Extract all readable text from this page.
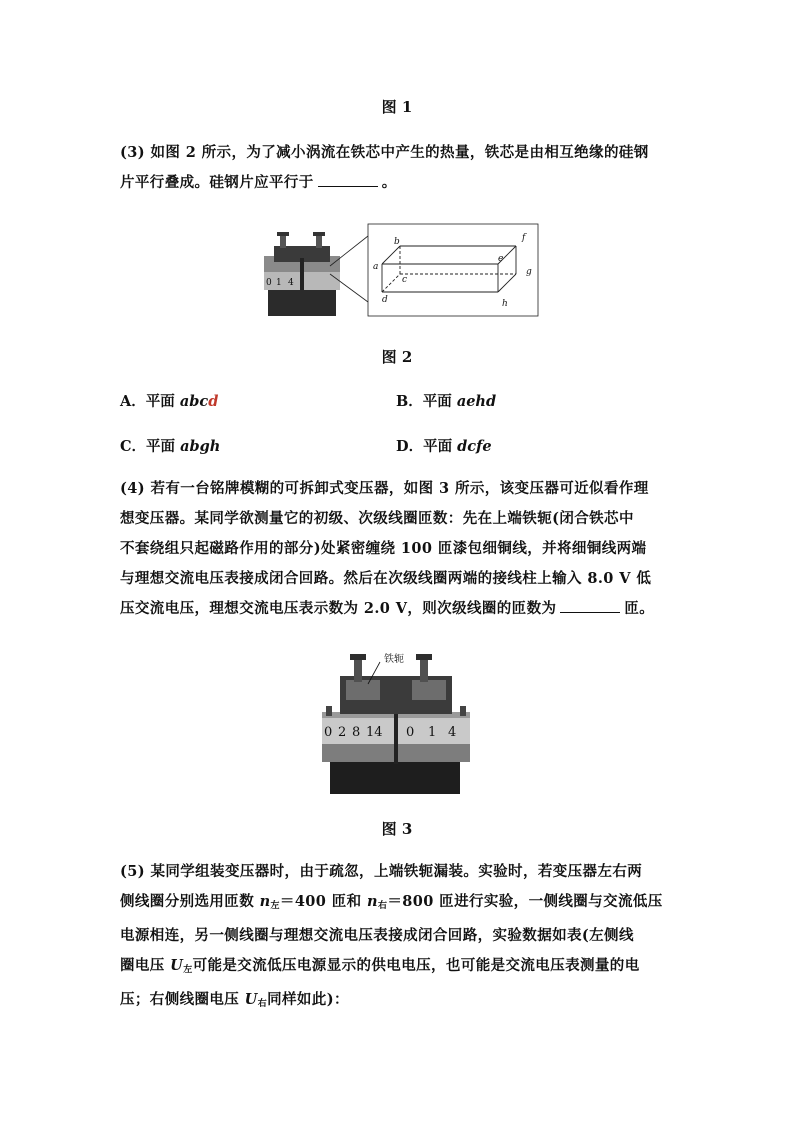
图 1
(3) 如图 2 所示，为了减小涡流在铁芯中产生的热量，铁芯是由相互绝缘的硅钢
片平行叠成。硅钢片应平行于	。
0 1 4
a
b
c
d
e
f
g
h
图 2
A．平面 abcd	B．平面 aehd
C．平面 abgh	D．平面 dcfe
(4) 若有一台铭牌模糊的可拆卸式变压器，如图 3 所示，该变压器可近似看作理
想变压器。某同学欲测量它的初级、次级线圈匝数：先在上端铁轭(闭合铁芯中
不套绕组只起磁路作用的部分)处紧密缠绕 100 匝漆包细铜线，并将细铜线两端
与理想交流电压表接成闭合回路。然后在次级线圈两端的接线柱上输入 8.0 V 低
压交流电压，理想交流电压表示数为 2.0 V，则次级线圈的匝数为	匝。
铁轭
0 2 8 14 0 1 4
图 3
(5) 某同学组装变压器时，由于疏忽，上端铁轭漏装。实验时，若变压器左右两
侧线圈分别选用匝数 $n_左=400$ 匝和 $n_右=800$ 匝进行实验，一侧线圈与交流低压
电源相连，另一侧线圈与理想交流电压表接成闭合回路，实验数据如表(左侧线
圈电压 $U_左$可能是交流低压电源显示的供电电压，也可能是交流电压表测量的电
压；右侧线圈电压 $U_右$同样如此)：
